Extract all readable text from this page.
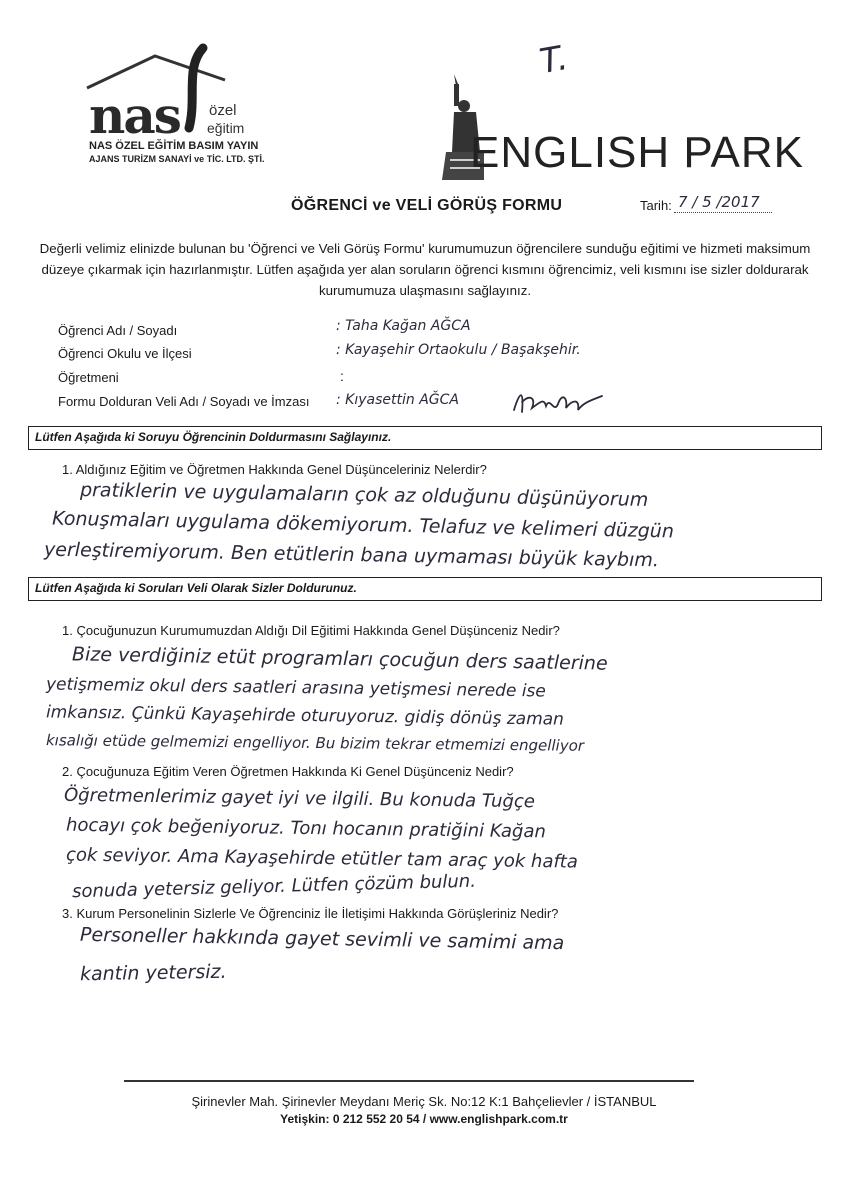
T.
nas özel
eğitim
NAS ÖZEL EĞİTİM BASIM YAYIN
AJANS TURİZM SANAYİ ve TİC. LTD. ŞTİ.	ENGLISH PARK
ÖĞRENCİ ve VELİ GÖRÜŞ FORMU	Tarih: 7 / 5 /2017
Değerli velimiz elinizde bulunan bu 'Öğrenci ve Veli Görüş Formu' kurumumuzun öğrencilere sunduğu eğitimi ve hizmeti maksimum düzeye çıkarmak için hazırlanmıştır. Lütfen aşağıda yer alan soruların öğrenci kısmını öğrencimiz, veli kısmını ise sizler doldurarak kurumumuza ulaşmasını sağlayınız.
Öğrenci Adı / Soyadı	: Taha Kağan AĞCA
Öğrenci Okulu ve İlçesi	: Kayaşehir Ortaokulu / Başakşehir.
Öğretmeni	:
Formu Dolduran Veli Adı / Soyadı ve İmzası : Kıyasettin AĞCA
Lütfen Aşağıda ki Soruyu Öğrencinin Doldurmasını Sağlayınız.
1. Aldığınız Eğitim ve Öğretmen Hakkında Genel Düşünceleriniz Nelerdir?
pratiklerin ve uygulamaların çok az olduğunu düşünüyorum
Konuşmaları uygulama dökemiyorum. Telafuz ve kelimeri düzgün
yerleştiremiyorum. Ben etütlerin bana uymaması büyük kaybım.
Lütfen Aşağıda ki Soruları Veli Olarak Sizler Doldurunuz.
1. Çocuğunuzun Kurumumuzdan Aldığı Dil Eğitimi Hakkında Genel Düşünceniz Nedir?
Bize verdiğiniz etüt programları çocuğun ders saatlerine
yetişmemiz okul ders saatleri arasına yetişmesi nerede ise
imkansız. Çünkü Kayaşehirde oturuyoruz. gidiş dönüş zaman
kısalığı etüde gelmemizi engelliyor. Bu bizim tekrar etmemizi engelliyor
2. Çocuğunuza Eğitim Veren Öğretmen Hakkında Ki Genel Düşünceniz Nedir?
Öğretmenlerimiz gayet iyi ve ilgili. Bu konuda Tuğçe
hocayı çok beğeniyoruz. Tonı hocanın pratiğini Kağan
çok seviyor. Ama Kayaşehirde etütler tam araç yok hafta
sonuda yetersiz geliyor. Lütfen çözüm bulun.
3. Kurum Personelinin Sizlerle Ve Öğrenciniz İle İletişimi Hakkında Görüşleriniz Nedir?
Personeller hakkında gayet sevimli ve samimi ama
kantin yetersiz.
Şirinevler Mah. Şirinevler Meydanı Meriç Sk. No:12 K:1 Bahçelievler / İSTANBUL
Yetişkin: 0 212 552 20 54 / www.englishpark.com.tr
